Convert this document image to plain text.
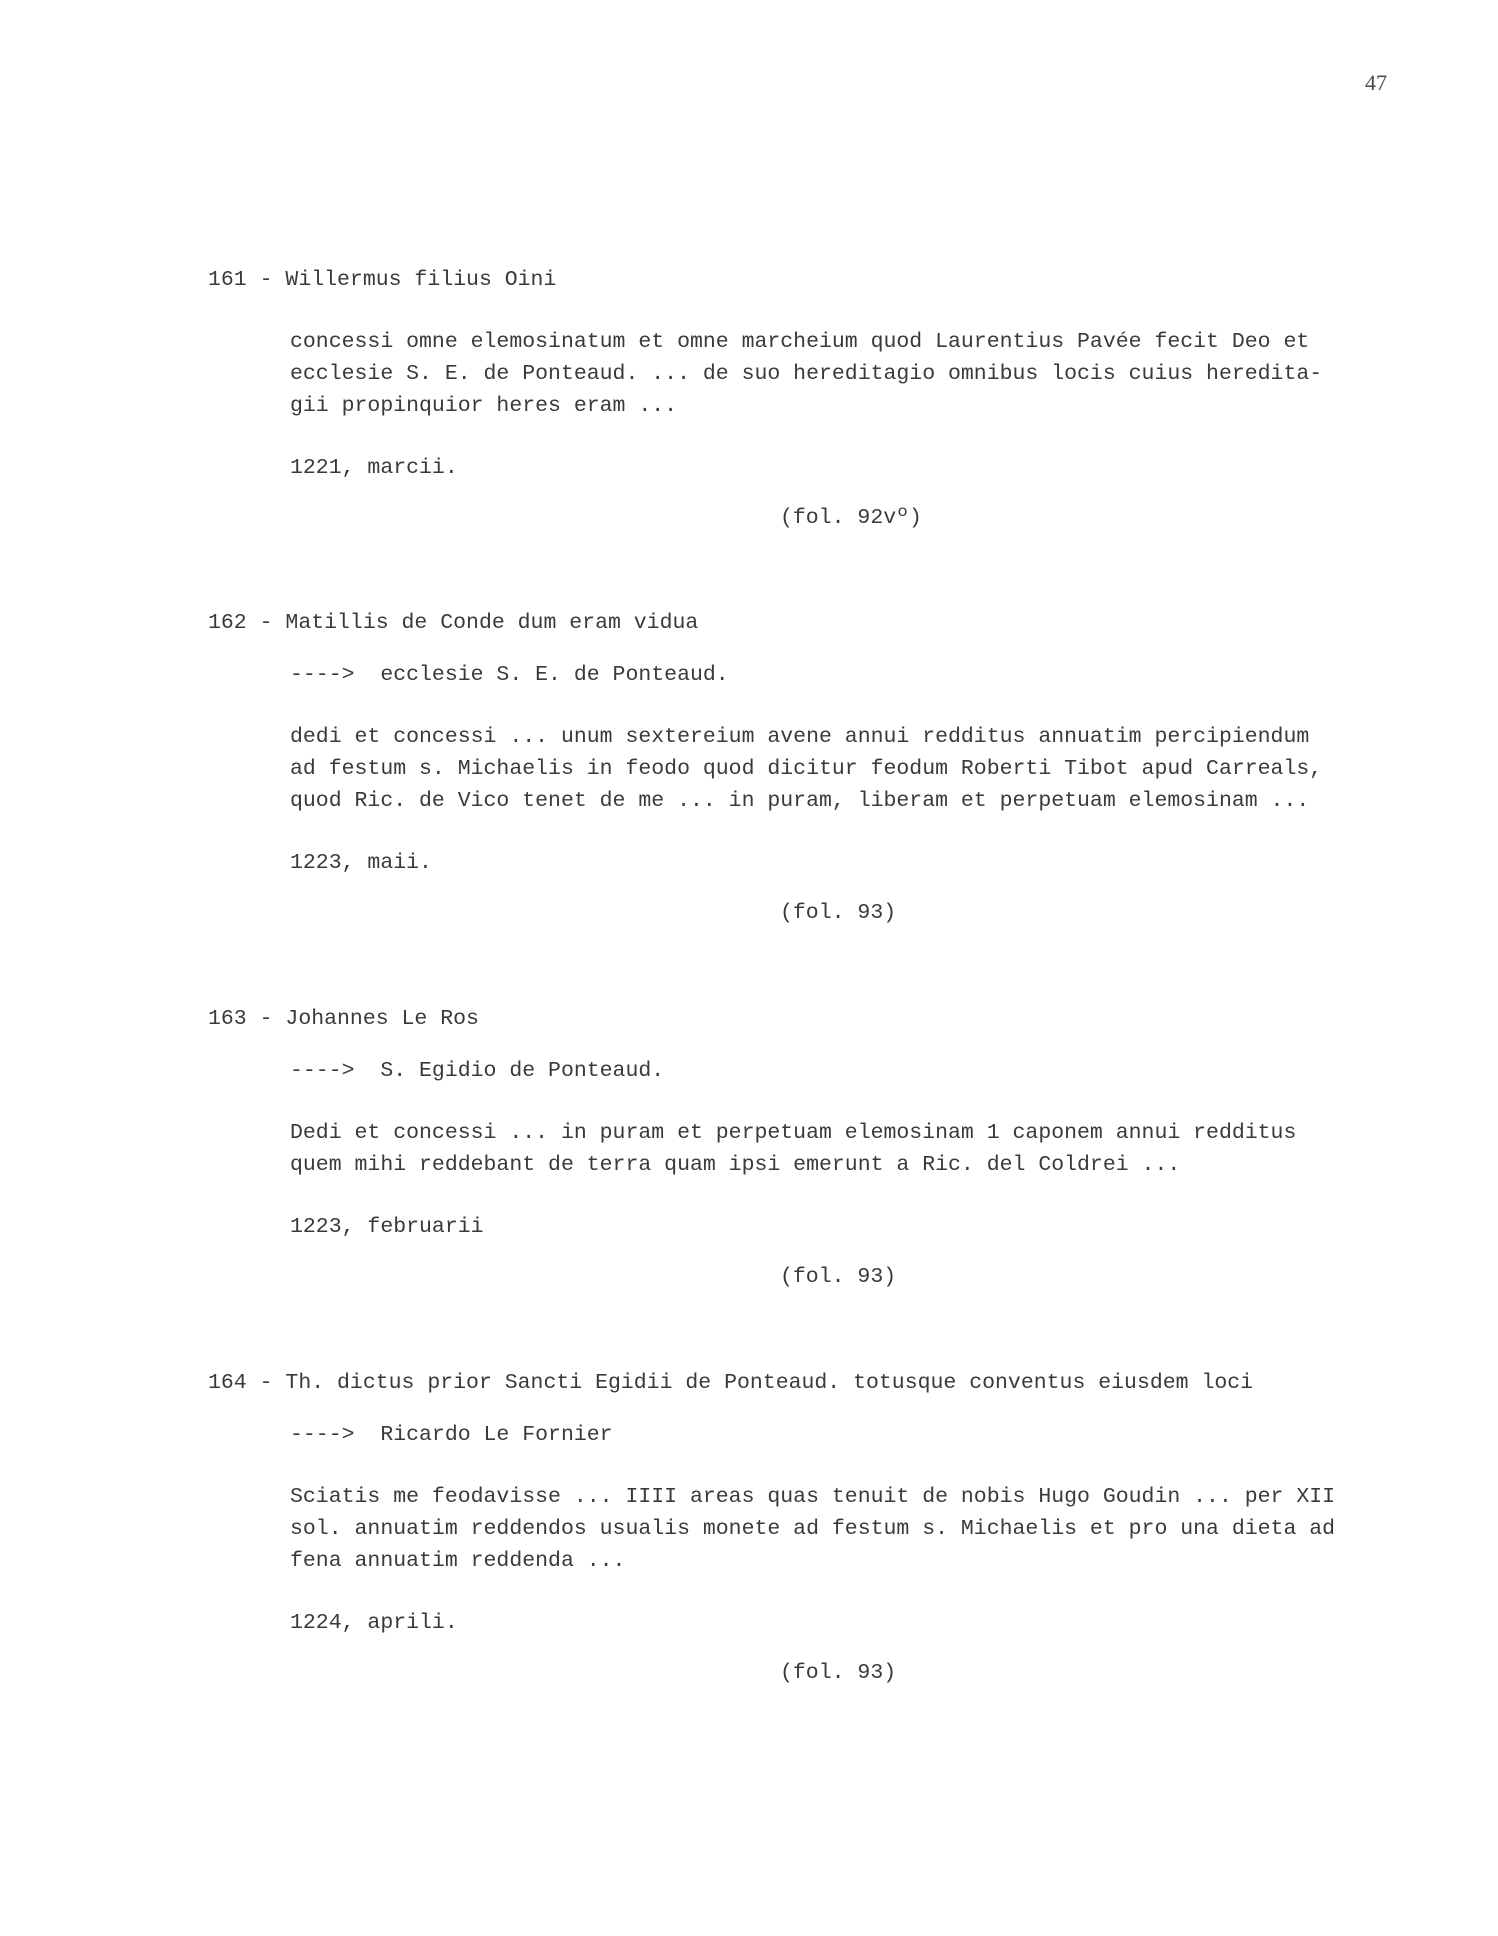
47

161 - Willermus filius Oini

concessi omne elemosinatum et omne marcheium quod Laurentius Pavée fecit Deo et
ecclesie S. E. de Ponteaud. ... de suo hereditagio omnibus locis cuius heredita-
gii propinquior heres eram ...
1221, marcii.
(fol. 92vº)

162 - Matillis de Conde dum eram vidua

---->  ecclesie S. E. de Ponteaud.
dedi et concessi ... unum sextereium avene annui redditus annuatim percipiendum
ad festum s. Michaelis in feodo quod dicitur feodum Roberti Tibot apud Carreals,
quod Ric. de Vico tenet de me ... in puram, liberam et perpetuam elemosinam ...
1223, maii.
(fol. 93)

163 - Johannes Le Ros

---->  S. Egidio de Ponteaud.
Dedi et concessi ... in puram et perpetuam elemosinam 1 caponem annui redditus
quem mihi reddebant de terra quam ipsi emerunt a Ric. del Coldrei ...
1223, februarii
(fol. 93)

164 - Th. dictus prior Sancti Egidii de Ponteaud. totusque conventus eiusdem loci

---->  Ricardo Le Fornier
Sciatis me feodavisse ... IIII areas quas tenuit de nobis Hugo Goudin ... per XII
sol. annuatim reddendos usualis monete ad festum s. Michaelis et pro una dieta ad
fena annuatim reddenda ...
1224, aprili.
(fol. 93)
